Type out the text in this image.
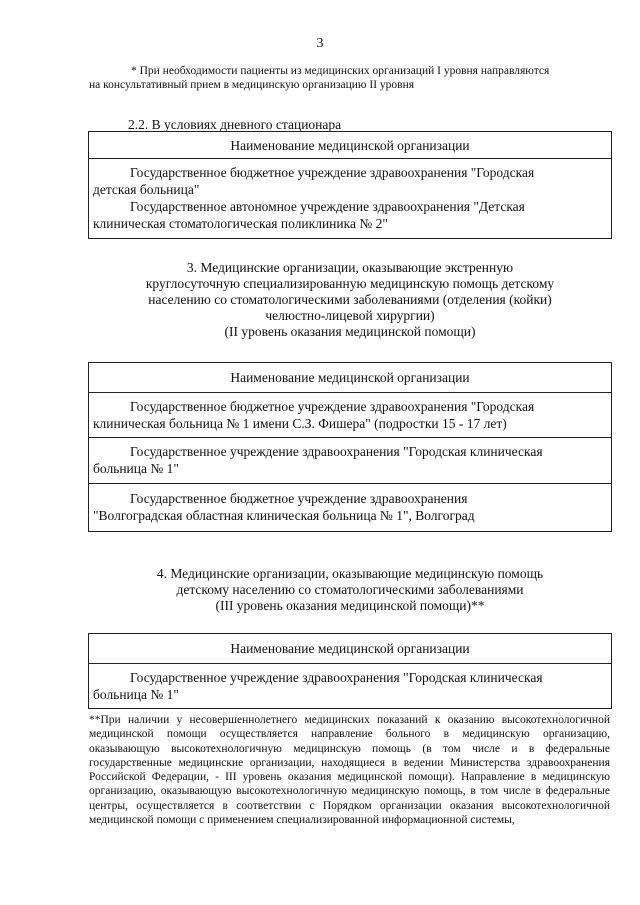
3
* При необходимости пациенты из медицинских организаций I уровня направляются
на консультативный прием в медицинскую организацию II уровня
2.2. В условиях дневного стационара
Наименование медицинской организации

Государственное бюджетное учреждение здравоохранения "Городская
детская больница"
Государственное автономное учреждение здравоохранения "Детская
клиническая стоматологическая поликлиника № 2"
3. Медицинские организации, оказывающие экстренную
круглосуточную специализированную медицинскую помощь детскому
населению со стоматологическими заболеваниями (отделения (койки)
челюстно-лицевой хирургии)
(II уровень оказания медицинской помощи)
Наименование медицинской организации

Государственное бюджетное учреждение здравоохранения "Городская
клиническая больница № 1 имени С.З. Фишера" (подростки 15 - 17 лет)

Государственное учреждение здравоохранения "Городская клиническая
больница № 1"

Государственное бюджетное учреждение здравоохранения
"Волгоградская областная клиническая больница № 1", Волгоград
4. Медицинские организации, оказывающие медицинскую помощь
детскому населению со стоматологическими заболеваниями
(III уровень оказания медицинской помощи)**
Наименование медицинской организации

Государственное учреждение здравоохранения "Городская клиническая
больница № 1"
**При наличии у несовершеннолетнего медицинских показаний к оказанию высокотехнологичной медицинской помощи осуществляется направление больного в медицинскую организацию, оказывающую высокотехнологичную медицинскую помощь (в том числе и в федеральные государственные медицинские организации, находящиеся в ведении Министерства здравоохранения Российской Федерации, - III уровень оказания медицинской помощи). Направление в медицинскую организацию, оказывающую высокотехнологичную медицинскую помощь, в том числе в федеральные центры, осуществляется в соответствии с Порядком организации оказания высокотехнологичной медицинской помощи с применением специализированной информационной системы,
